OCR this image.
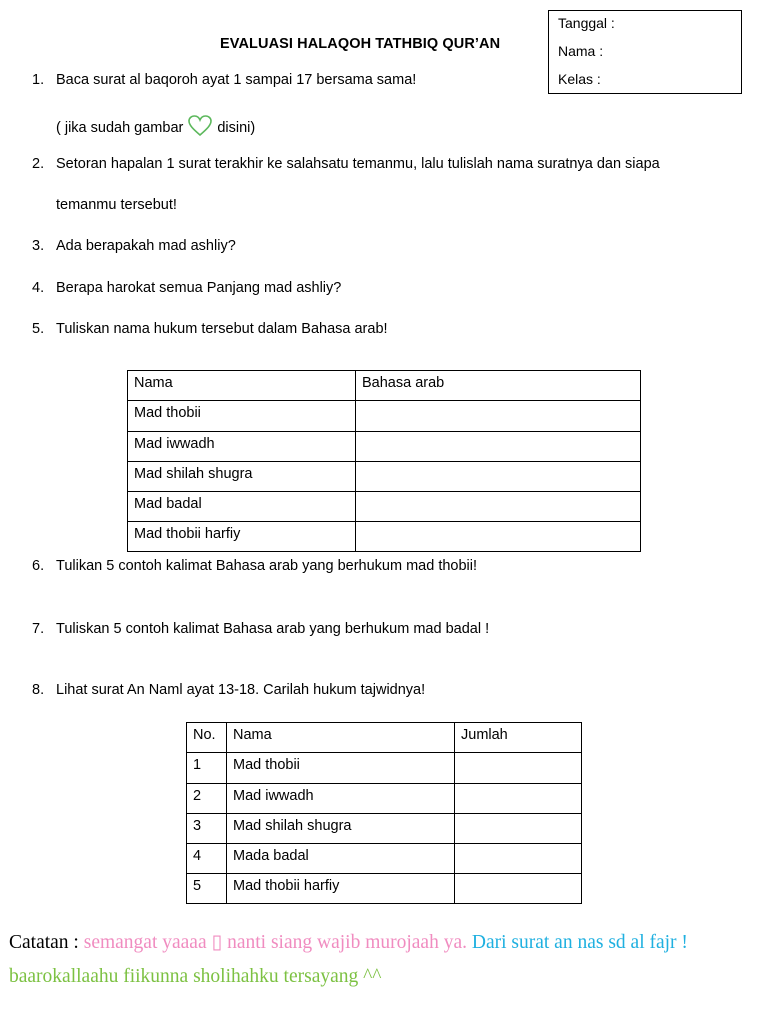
EVALUASI HALAQOH TATHBIQ QUR’AN
Tanggal :
Nama :
Kelas :
1. Baca surat al baqoroh ayat 1 sampai 17 bersama sama!
( jika sudah gambar disini)
2. Setoran hapalan 1 surat terakhir ke salahsatu temanmu, lalu tulislah nama suratnya dan siapa
temanmu tersebut!
3. Ada berapakah mad ashliy?
4. Berapa harokat semua Panjang mad ashliy?
5. Tuliskan nama hukum tersebut dalam Bahasa arab!
Nama	Bahasa arab
Mad thobii	
Mad iwwadh	
Mad shilah shugra	
Mad badal	
Mad thobii harfiy	
6. Tulikan 5 contoh kalimat Bahasa arab yang berhukum mad thobii!
7. Tuliskan 5 contoh kalimat Bahasa arab yang berhukum mad badal !
8. Lihat surat An Naml ayat 13-18. Carilah hukum tajwidnya!
No.	Nama	Jumlah
1	Mad thobii	
2	Mad iwwadh	
3	Mad shilah shugra	
4	Mada badal	
5	Mad thobii harfiy	
Catatan : semangat yaaaa ▯ nanti siang wajib murojaah ya. Dari surat an nas sd al fajr ! baarokallaahu fiikunna sholihahku tersayang ^^
